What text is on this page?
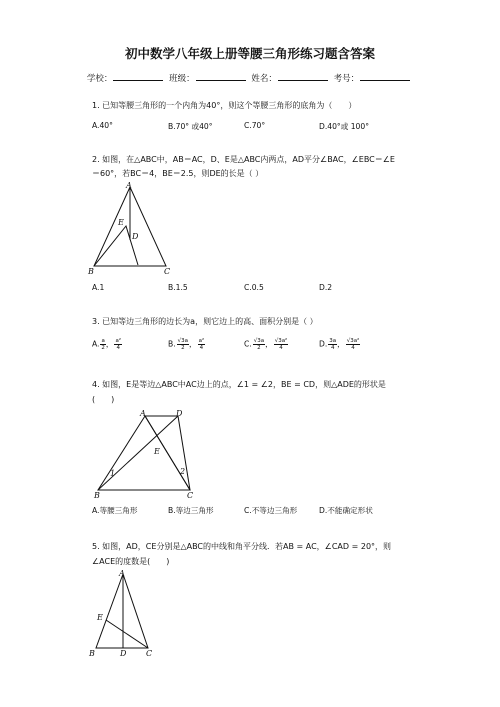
初中数学八年级上册等腰三角形练习题含答案
学校：	班级：	姓名：	考号：
1. 已知等腰三角形的一个内角为40°，则这个等腰三角形的底角为（　　）
A.40°	B.70° 或40°	C.70°	D.40°或 100°
2. 如图，在△ABC中，AB＝AC，D、E是△ABC内两点，AD平分∠BAC，∠EBC＝∠E
＝60°，若BC＝4，BE＝2.5，则DE的长是（ ）
A
E
D
B	C
A.1	B.1.5	C.0.5	D.2
3. 已知等边三角形的边长为a，则它边上的高、面积分别是（ ）
A. $\frac{a}{2}$ ， $\frac{\text{a²}}{4}$	B. $\frac{√3a}{2}$ ， $\frac{\text{a²}}{4}$	C. $\frac{√3a}{2}$ ， $\frac{\text{√3a²}}{4}$	D. $\frac{3a}{4}$ ， $\frac{\text{√3a²}}{4}$
4. 如图，E是等边△ABC中AC边上的点，∠1 = ∠2，BE = CD，则△ADE的形状是
(　　)
A	D
E
1	2
B	C
A.等腰三角形	B.等边三角形	C.不等边三角形	D.不能确定形状
5. 如图，AD，CE分别是△ABC的中线和角平分线．若AB = AC，∠CAD = 20°，则
∠ACE的度数是(　　)
A
E
B	D C
